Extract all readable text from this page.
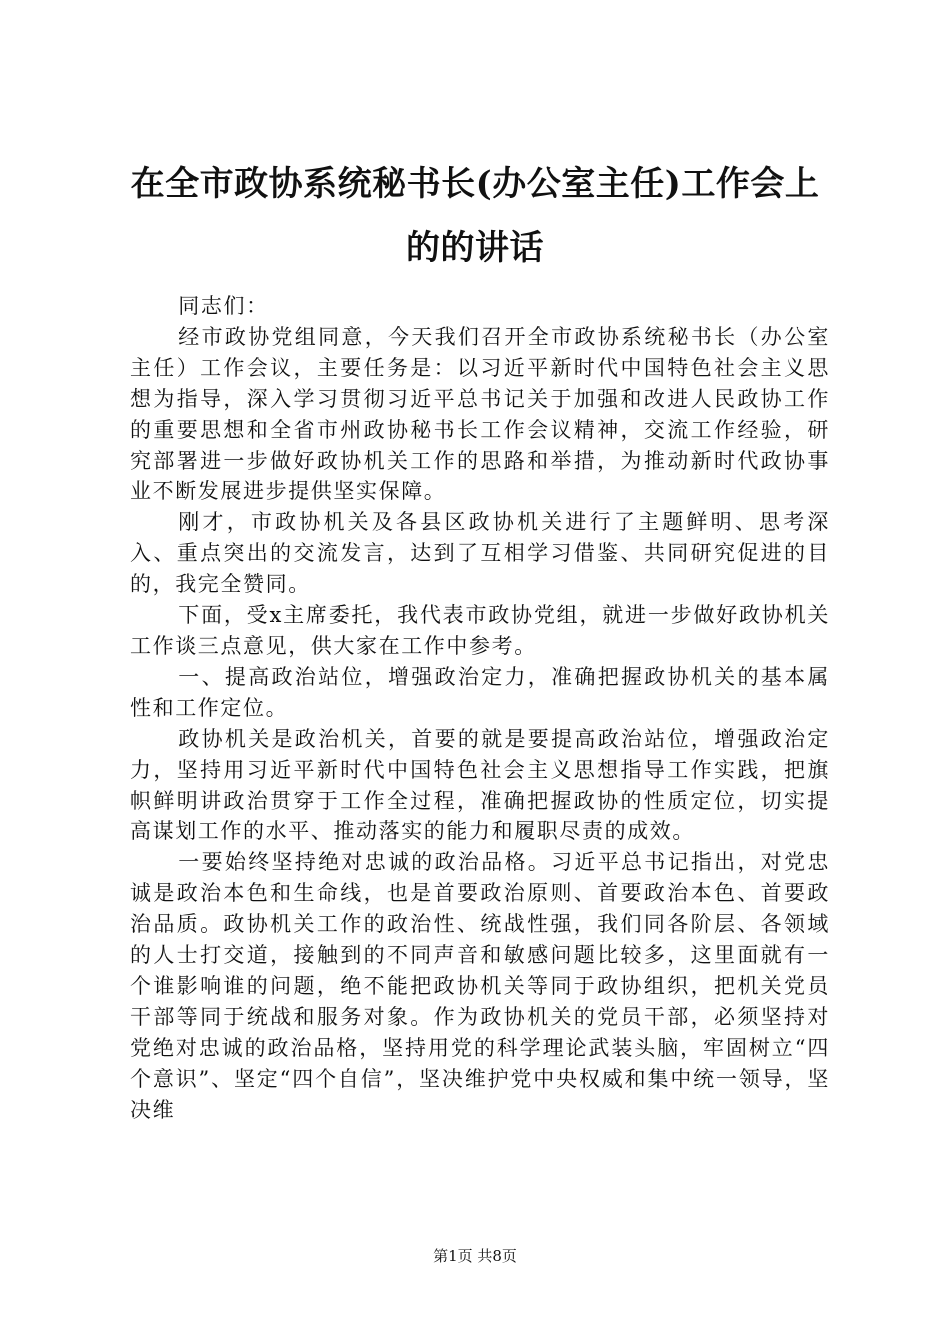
在全市政协系统秘书长(办公室主任)工作会上
的的讲话

同志们：

经市政协党组同意，今天我们召开全市政协系统秘书长（办公室主任）工作会议，主要任务是：以习近平新时代中国特色社会主义思想为指导，深入学习贯彻习近平总书记关于加强和改进人民政协工作的重要思想和全省市州政协秘书长工作会议精神，交流工作经验，研究部署进一步做好政协机关工作的思路和举措，为推动新时代政协事业不断发展进步提供坚实保障。

刚才，市政协机关及各县区政协机关进行了主题鲜明、思考深入、重点突出的交流发言，达到了互相学习借鉴、共同研究促进的目的，我完全赞同。

下面，受x主席委托，我代表市政协党组，就进一步做好政协机关工作谈三点意见，供大家在工作中参考。

一、提高政治站位，增强政治定力，准确把握政协机关的基本属性和工作定位。

政协机关是政治机关，首要的就是要提高政治站位，增强政治定力，坚持用习近平新时代中国特色社会主义思想指导工作实践，把旗帜鲜明讲政治贯穿于工作全过程，准确把握政协的性质定位，切实提高谋划工作的水平、推动落实的能力和履职尽责的成效。

一要始终坚持绝对忠诚的政治品格。习近平总书记指出，对党忠诚是政治本色和生命线，也是首要政治原则、首要政治本色、首要政治品质。政协机关工作的政治性、统战性强，我们同各阶层、各领域的人士打交道，接触到的不同声音和敏感问题比较多，这里面就有一个谁影响谁的问题，绝不能把政协机关等同于政协组织，把机关党员干部等同于统战和服务对象。作为政协机关的党员干部，必须坚持对党绝对忠诚的政治品格，坚持用党的科学理论武装头脑，牢固树立“四个意识”、坚定“四个自信”，坚决维护党中央权威和集中统一领导，坚决维

第1页 共8页
